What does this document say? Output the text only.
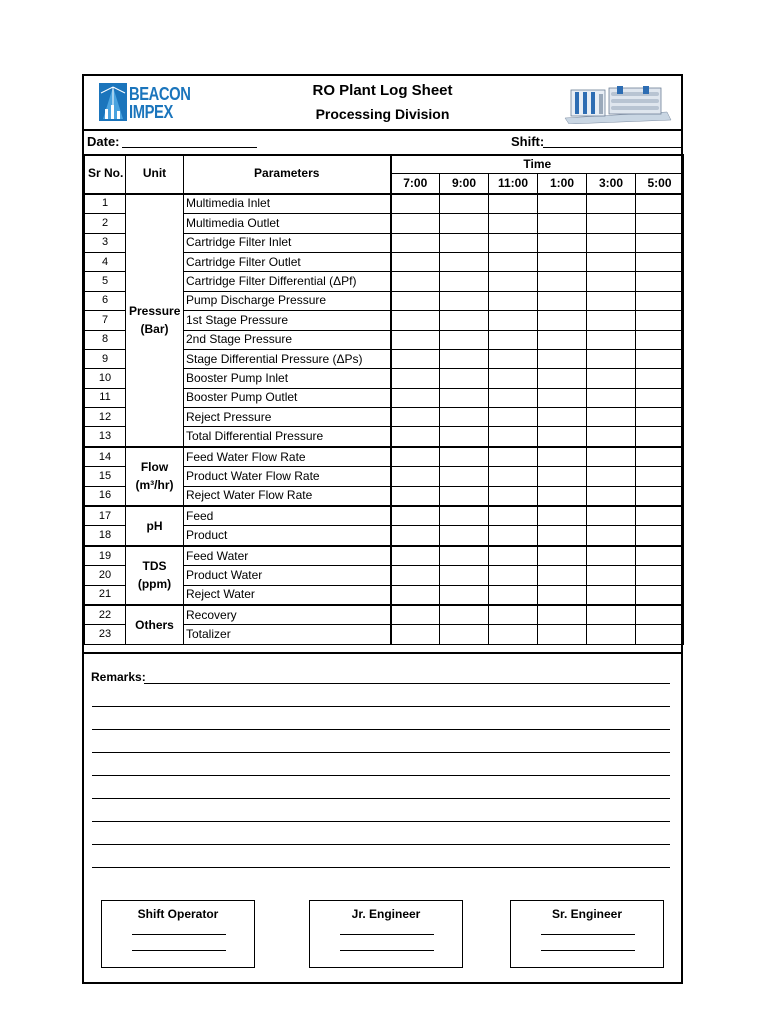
BEACON
IMPEX
RO Plant Log Sheet
Processing Division
Date:	Shift:
Sr No.	Unit	Parameters	Time					
			7:00	9:00	11:00	1:00	3:00	5:00
1	Pressure (Bar)	Multimedia Inlet						
2		Multimedia Outlet						
3		Cartridge Filter Inlet						
4		Cartridge Filter Outlet						
5		Cartridge Filter Differential (ΔPf)						
6		Pump Discharge Pressure						
7		1st Stage Pressure						
8		2nd Stage Pressure						
9		Stage Differential Pressure (ΔPs)						
10		Booster Pump Inlet						
11		Booster Pump Outlet						
12		Reject Pressure						
13		Total Differential Pressure						
14	Flow (m³/hr)	Feed Water Flow Rate						
15		Product Water Flow Rate						
16		Reject Water Flow Rate						
17	pH	Feed						
18		Product						
19	TDS (ppm)	Feed Water						
20		Product Water						
21		Reject Water						
22	Others	Recovery						
23		Totalizer						
Remarks:
Shift Operator	Jr. Engineer	Sr. Engineer
